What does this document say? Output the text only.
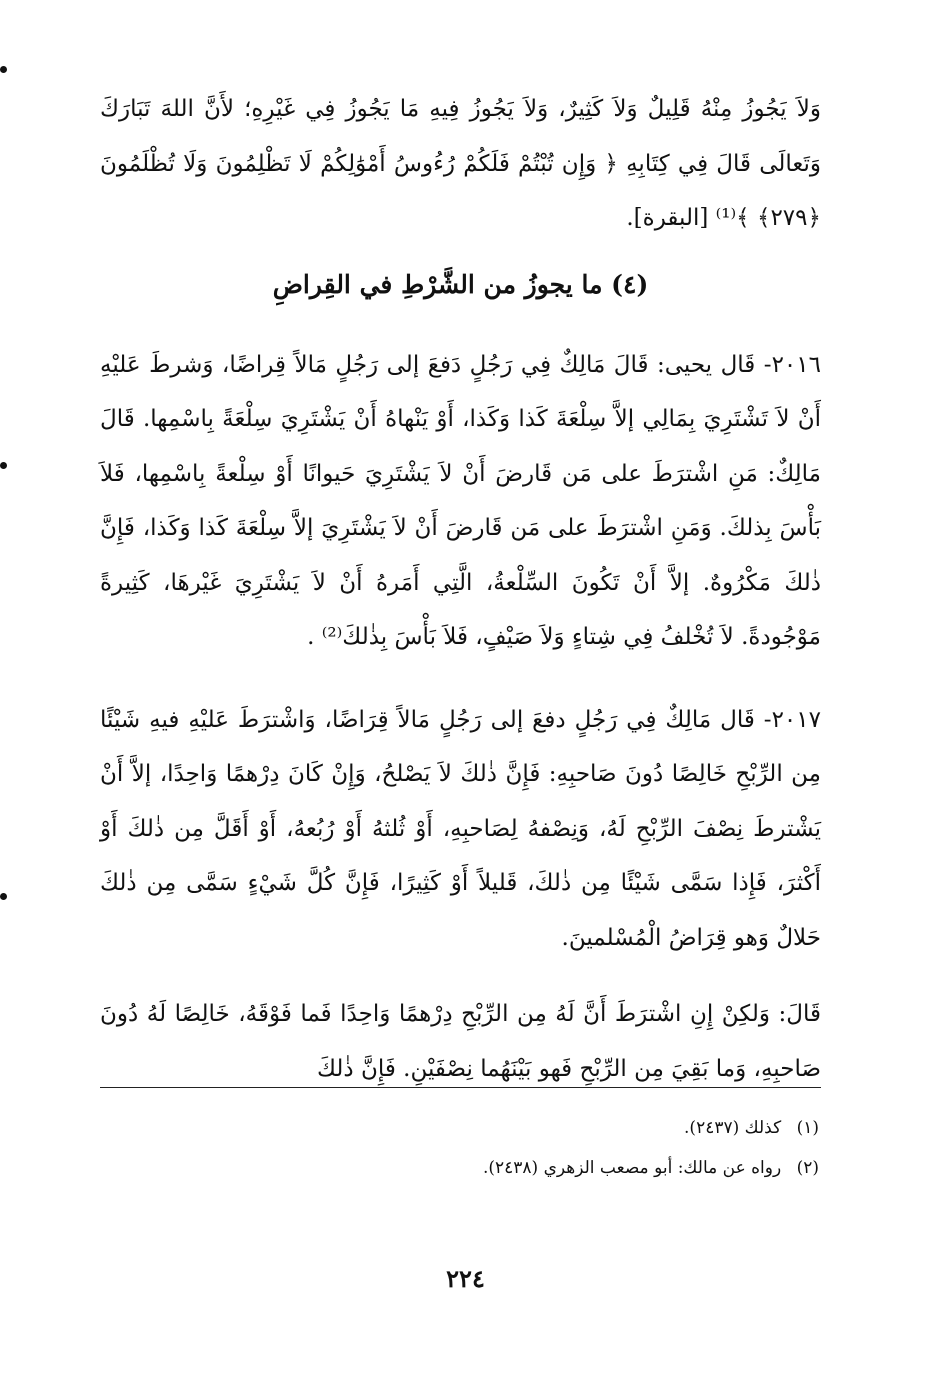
وَلاَ يَجُوزُ مِنْهُ قَلِيلٌ وَلاَ كَثِيرٌ، وَلاَ يَجُوزُ فِيهِ مَا يَجُوزُ فِي غَيْرِهِ؛ لأَنَّ اللهَ تَبَارَكَ وَتَعالَى قَالَ فِي كِتَابِهِ ﴿ وَإِن تُبْتُمْ فَلَكُمْ رُءُوسُ أَمْوَٰلِكُمْ لَا تَظْلِمُونَ وَلَا تُظْلَمُونَ ﴿٢٧٩﴾ ﴾⁽¹⁾ [البقرة].

(٤) ما يجوزُ من الشَّرْطِ في القِراضِ

٢٠١٦- قَال يحيى: قَالَ مَالِكٌ فِي رَجُلٍ دَفعَ إلى رَجُلٍ مَالاً قِراضًا، وَشرطَ عَليْهِ أَنْ لاَ تَشْتَرِيَ بِمَالِي إلاَّ سِلْعَةَ كَذا وَكَذا، أَوْ يَنْهاهُ أَنْ يَشْتَرِيَ سِلْعَةً بِاسْمِها. قَالَ مَالِكٌ: مَنِ اشْترَطَ على مَن قَارضَ أَنْ لاَ يَشْتَرِيَ حَيوانًا أَوْ سِلْعةً بِاسْمِها، فَلاَ بَأْسَ بِذلكَ. وَمَنِ اشْترَطَ على مَن قَارضَ أَنْ لاَ يَشْتَرِيَ إلاَّ سِلْعَةَ كَذا وَكَذا، فَإِنَّ ذٰلكَ مَكْرُوهٌ. إلاَّ أَنْ تَكُونَ السِّلْعةُ، الَّتِي أَمَرهُ أَنْ لاَ يَشْتَرِيَ غَيْرهَا، كَثِيرةً مَوْجُودةً. لاَ تُخْلفُ فِي شِتاءٍ وَلاَ صَيْفٍ، فَلاَ بَأْسَ بِذٰلكَ⁽²⁾ .

٢٠١٧- قَال مَالِكٌ فِي رَجُلٍ دفعَ إلى رَجُلٍ مَالاً قِرَاضًا، وَاشْترَطَ عَليْهِ فيهِ شَيْئًا مِن الرِّبْحِ خَالِصًا دُونَ صَاحبِهِ: فَإِنَّ ذٰلكَ لاَ يَصْلحُ، وَإِنْ كَانَ دِرْهمًا وَاحِدًا، إلاَّ أَنْ يَشْترطَ نِصْفَ الرِّبْحِ لَهُ، وَنِصْفهُ لِصَاحبِهِ، أَوْ ثُلثهُ أَوْ رُبُعهُ، أَوْ أَقَلَّ مِن ذٰلكَ أَوْ أَكْثرَ، فَإِذا سَمَّى شَيْئًا مِن ذٰلكَ، قَليلاً أَوْ كَثِيرًا، فَإِنَّ كُلَّ شَيْءٍ سَمَّى مِن ذٰلكَ حَلالٌ وَهو قِرَاضُ الْمُسْلمينَ.

قَالَ: وَلكِنْ إِنِ اشْترَطَ أَنَّ لَهُ مِن الرِّبْحِ دِرْهمًا وَاحِدًا فَما فَوْقَهُ، خَالِصًا لَهُ دُونَ صَاحبِهِ، وَما بَقِيَ مِن الرِّبْحِ فَهو بَيْنَهُما نِصْفَيْنِ. فَإِنَّ ذٰلكَ

(١) كذلك (٢٤٣٧).

(٢) رواه عن مالك: أبو مصعب الزهري (٢٤٣٨).

٢٢٤
